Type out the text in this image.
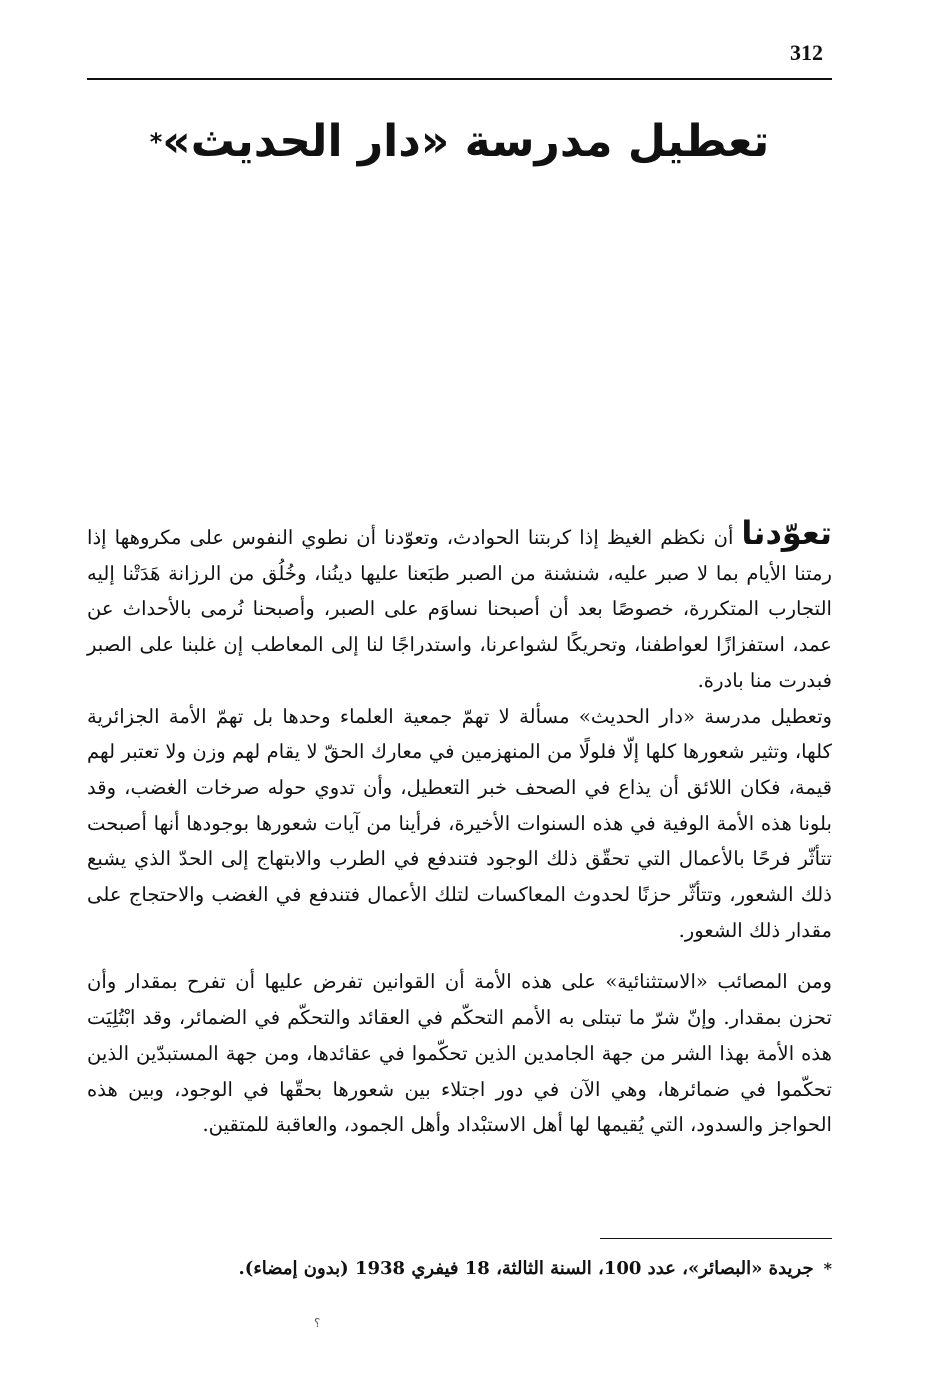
312
تعطيل مدرسة «دار الحديث»*

تعوّدنا أن نكظم الغيظ إذا كربتنا الحوادث، وتعوّدنا أن نطوي النفوس على مكروهها إذا رمتنا الأيام بما لا صبر عليه، شنشنة من الصبر طبَعنا عليها دينُنا، وخُلُق من الرزانة هَدَتْنا إليه التجارب المتكررة، خصوصًا بعد أن أصبحنا نساوَم على الصبر، وأصبحنا نُرمى بالأحداث عن عمد، استفزازًا لعواطفنا، وتحريكًا لشواعرنا، واستدراجًا لنا إلى المعاطب إن غلبنا على الصبر فبدرت منا بادرة.

وتعطيل مدرسة «دار الحديث» مسألة لا تهمّ جمعية العلماء وحدها بل تهمّ الأمة الجزائرية كلها، وتثير شعورها كلها إلّا فلولًا من المنهزمين في معارك الحقّ لا يقام لهم وزن ولا تعتبر لهم قيمة، فكان اللائق أن يذاع في الصحف خبر التعطيل، وأن تدوي حوله صرخات الغضب، وقد بلونا هذه الأمة الوفية في هذه السنوات الأخيرة، فرأينا من آيات شعورها بوجودها أنها أصبحت تتأثّر فرحًا بالأعمال التي تحقّق ذلك الوجود فتندفع في الطرب والابتهاج إلى الحدّ الذي يشبع ذلك الشعور، وتتأثّر حزنًا لحدوث المعاكسات لتلك الأعمال فتندفع في الغضب والاحتجاج على مقدار ذلك الشعور.

ومن المصائب «الاستثنائية» على هذه الأمة أن القوانين تفرض عليها أن تفرح بمقدار وأن تحزن بمقدار. وإنّ شرّ ما تبتلى به الأمم التحكّم في العقائد والتحكّم في الضمائر، وقد ابْتُلِيَت هذه الأمة بهذا الشر من جهة الجامدين الذين تحكّموا في عقائدها، ومن جهة المستبدّين الذين تحكّموا في ضمائرها، وهي الآن في دور اجتلاء بين شعورها بحقّها في الوجود، وبين هذه الحواجز والسدود، التي يُقيمها لها أهل الاستبْداد وأهل الجمود، والعاقبة للمتقين.

*جريدة «البصائر»، عدد 100، السنة الثالثة، 18 فيفري 1938 (بدون إمضاء).
؟
